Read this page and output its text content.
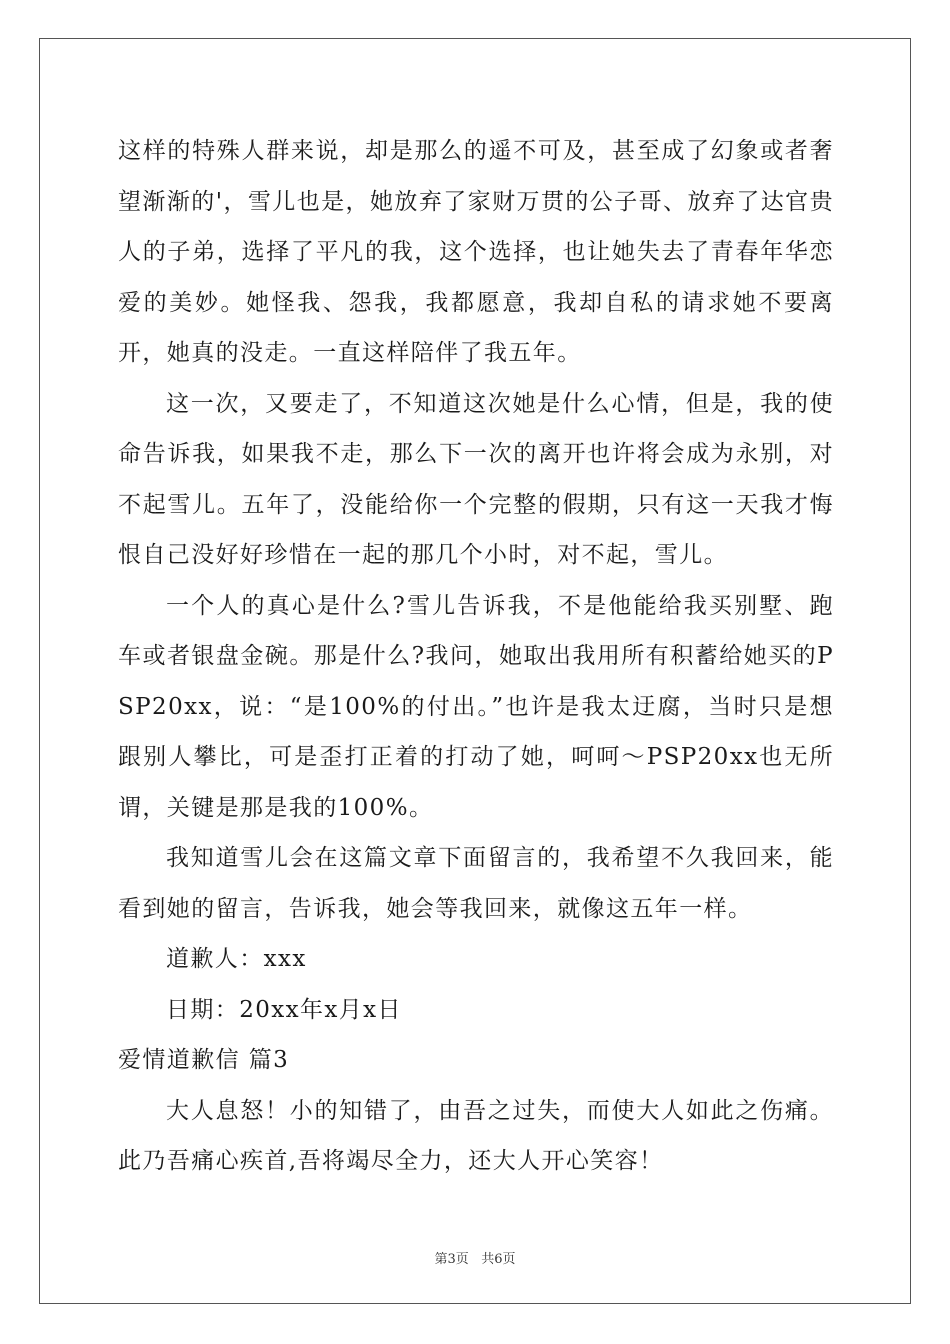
这样的特殊人群来说，却是那么的遥不可及，甚至成了幻象或者奢望渐渐的'，雪儿也是，她放弃了家财万贯的公子哥、放弃了达官贵人的子弟，选择了平凡的我，这个选择，也让她失去了青春年华恋爱的美妙。她怪我、怨我，我都愿意，我却自私的请求她不要离开，她真的没走。一直这样陪伴了我五年。

这一次，又要走了，不知道这次她是什么心情，但是，我的使命告诉我，如果我不走，那么下一次的离开也许将会成为永别，对不起雪儿。五年了，没能给你一个完整的假期，只有这一天我才悔恨自己没好好珍惜在一起的那几个小时，对不起，雪儿。

一个人的真心是什么?雪儿告诉我，不是他能给我买别墅、跑车或者银盘金碗。那是什么?我问，她取出我用所有积蓄给她买的PSP20xx，说：“是100%的付出。”也许是我太迂腐，当时只是想跟别人攀比，可是歪打正着的打动了她，呵呵～PSP20xx也无所谓，关键是那是我的100%。

我知道雪儿会在这篇文章下面留言的，我希望不久我回来，能看到她的留言，告诉我，她会等我回来，就像这五年一样。

道歉人：xxx

日期：20xx年x月x日

爱情道歉信 篇3

大人息怒！小的知错了，由吾之过失，而使大人如此之伤痛。此乃吾痛心疾首,吾将竭尽全力，还大人开心笑容！

第3页 共6页
